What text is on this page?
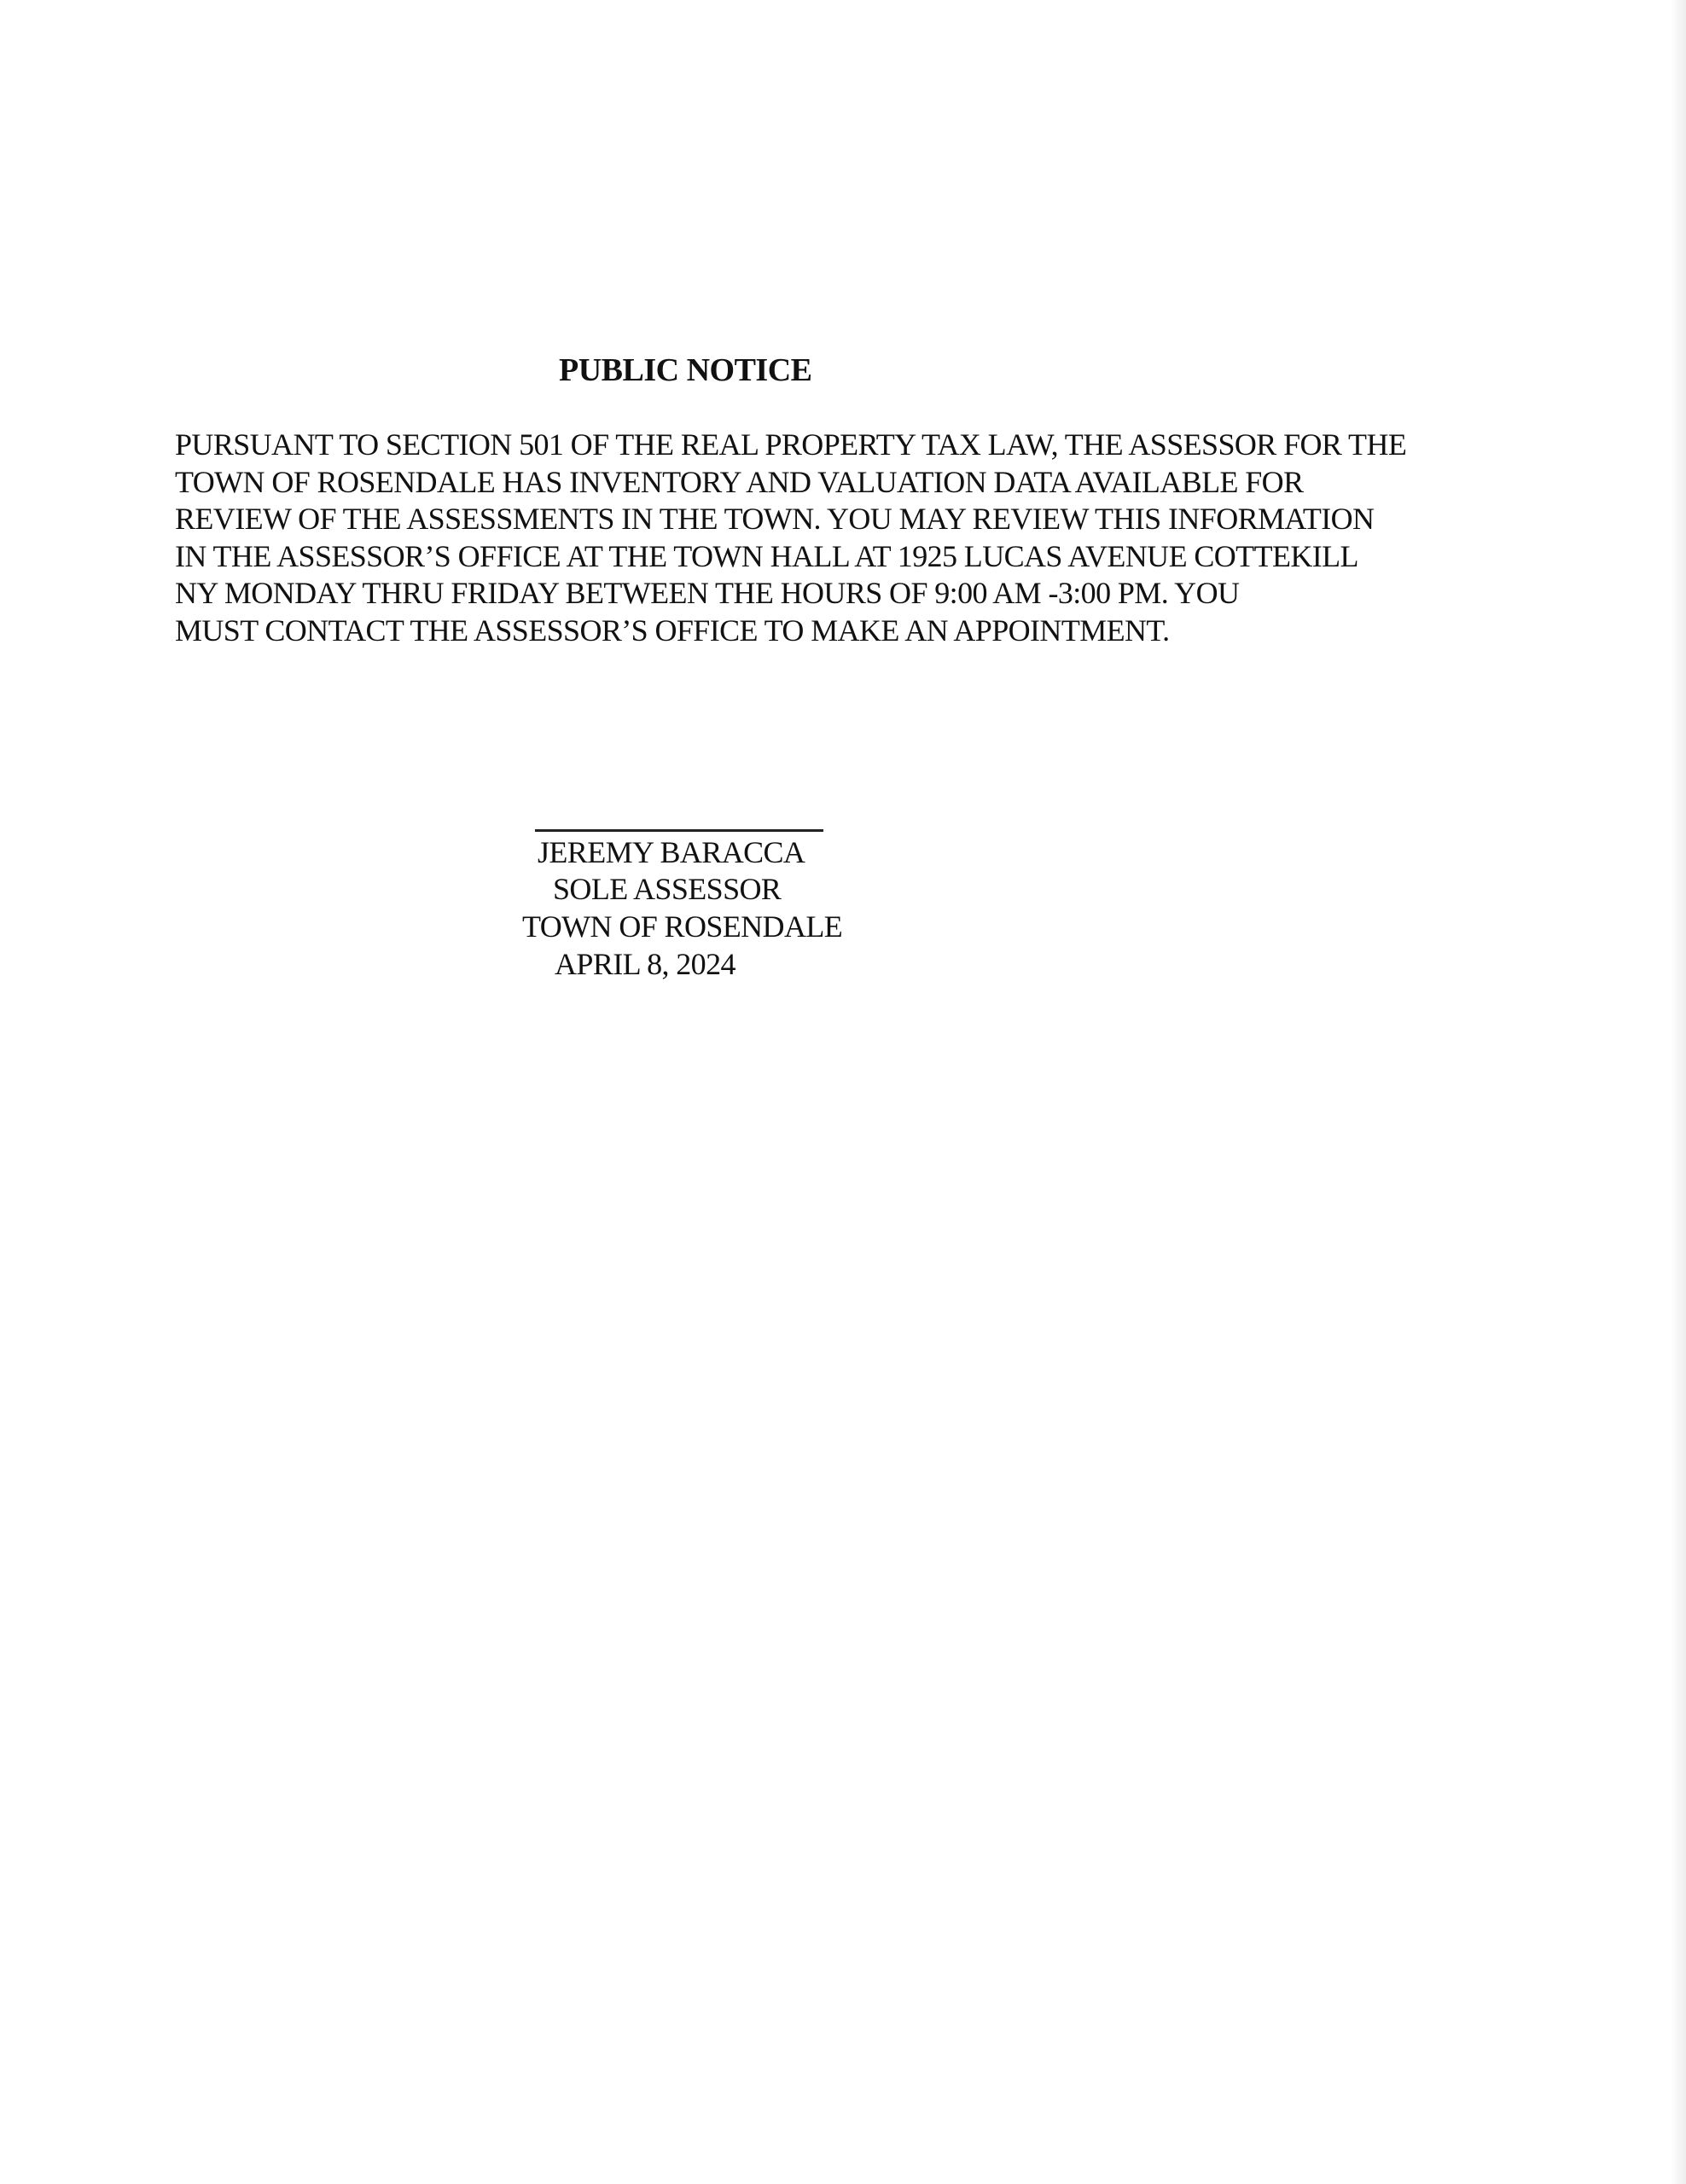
PUBLIC NOTICE

PURSUANT TO SECTION 501 OF THE REAL PROPERTY TAX LAW, THE ASSESSOR FOR THE
TOWN OF ROSENDALE HAS INVENTORY AND VALUATION DATA AVAILABLE FOR
REVIEW OF THE ASSESSMENTS IN THE TOWN. YOU MAY REVIEW THIS INFORMATION
IN THE ASSESSOR’S OFFICE AT THE TOWN HALL AT 1925 LUCAS AVENUE COTTEKILL
NY MONDAY THRU FRIDAY BETWEEN THE HOURS OF 9:00 AM -3:00 PM. YOU
MUST CONTACT THE ASSESSOR’S OFFICE TO MAKE AN APPOINTMENT.

JEREMY BARACCA

SOLE ASSESSOR

TOWN OF ROSENDALE

APRIL 8, 2024
